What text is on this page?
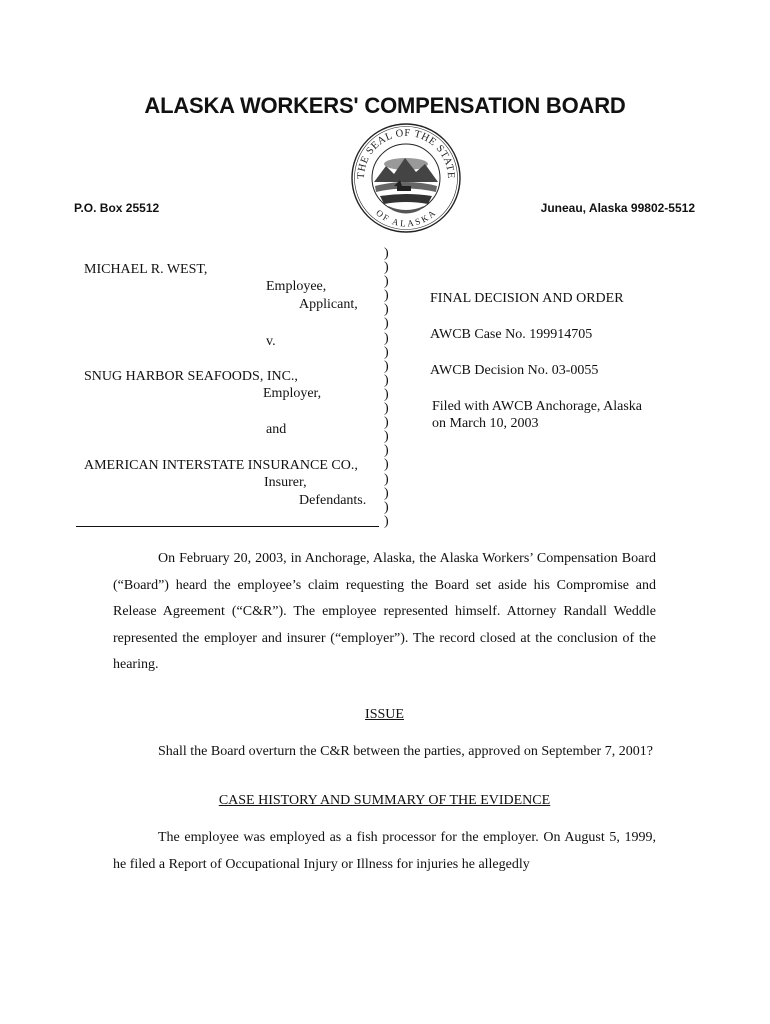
ALASKA WORKERS' COMPENSATION BOARD
THE SEAL OF THE STATE
OF ALASKA
P.O. Box 25512	Juneau, Alaska 99802-5512
MICHAEL R. WEST,
Employee,
Applicant,
v.
SNUG HARBOR SEAFOODS, INC.,
Employer,
and
AMERICAN INTERSTATE INSURANCE CO.,
Insurer,
Defendants.
)
)
)
)
)
)
)
)
)
)
)
)
)
)
)
)
)
)
)
)
FINAL DECISION AND ORDER
AWCB Case No. 199914705
AWCB Decision No. 03-0055
Filed with AWCB Anchorage, Alaska
on March 10, 2003

On February 20, 2003, in Anchorage, Alaska, the Alaska Workers’ Compensation Board (“Board”) heard the employee’s claim requesting the Board set aside his Compromise and Release Agreement (“C&R”). The employee represented himself. Attorney Randall Weddle represented the employer and insurer (“employer”). The record closed at the conclusion of the hearing.

ISSUE

Shall the Board overturn the C&R between the parties, approved on September 7, 2001?

CASE HISTORY AND SUMMARY OF THE EVIDENCE

The employee was employed as a fish processor for the employer. On August 5, 1999, he filed a Report of Occupational Injury or Illness for injuries he allegedly
